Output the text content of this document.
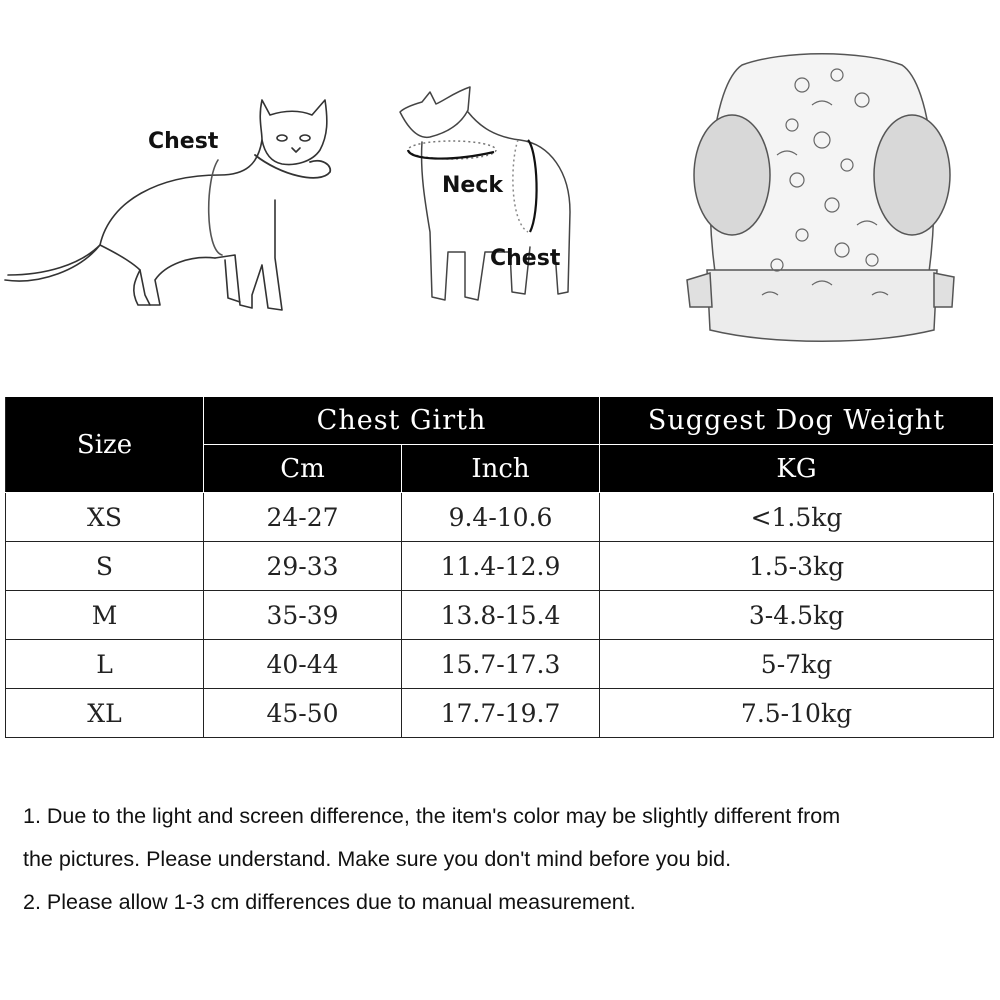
Chest
Neck
Chest
Size	Chest Girth		Suggest Dog Weight
	Cm	Inch	KG
XS	24-27	9.4-10.6	<1.5kg
S	29-33	11.4-12.9	1.5-3kg
M	35-39	13.8-15.4	3-4.5kg
L	40-44	15.7-17.3	5-7kg
XL	45-50	17.7-19.7	7.5-10kg

1. Due to the light and screen difference, the item's color may be slightly different from

the pictures. Please understand. Make sure you don't mind before you bid.

2. Please allow 1-3 cm differences due to manual measurement.
